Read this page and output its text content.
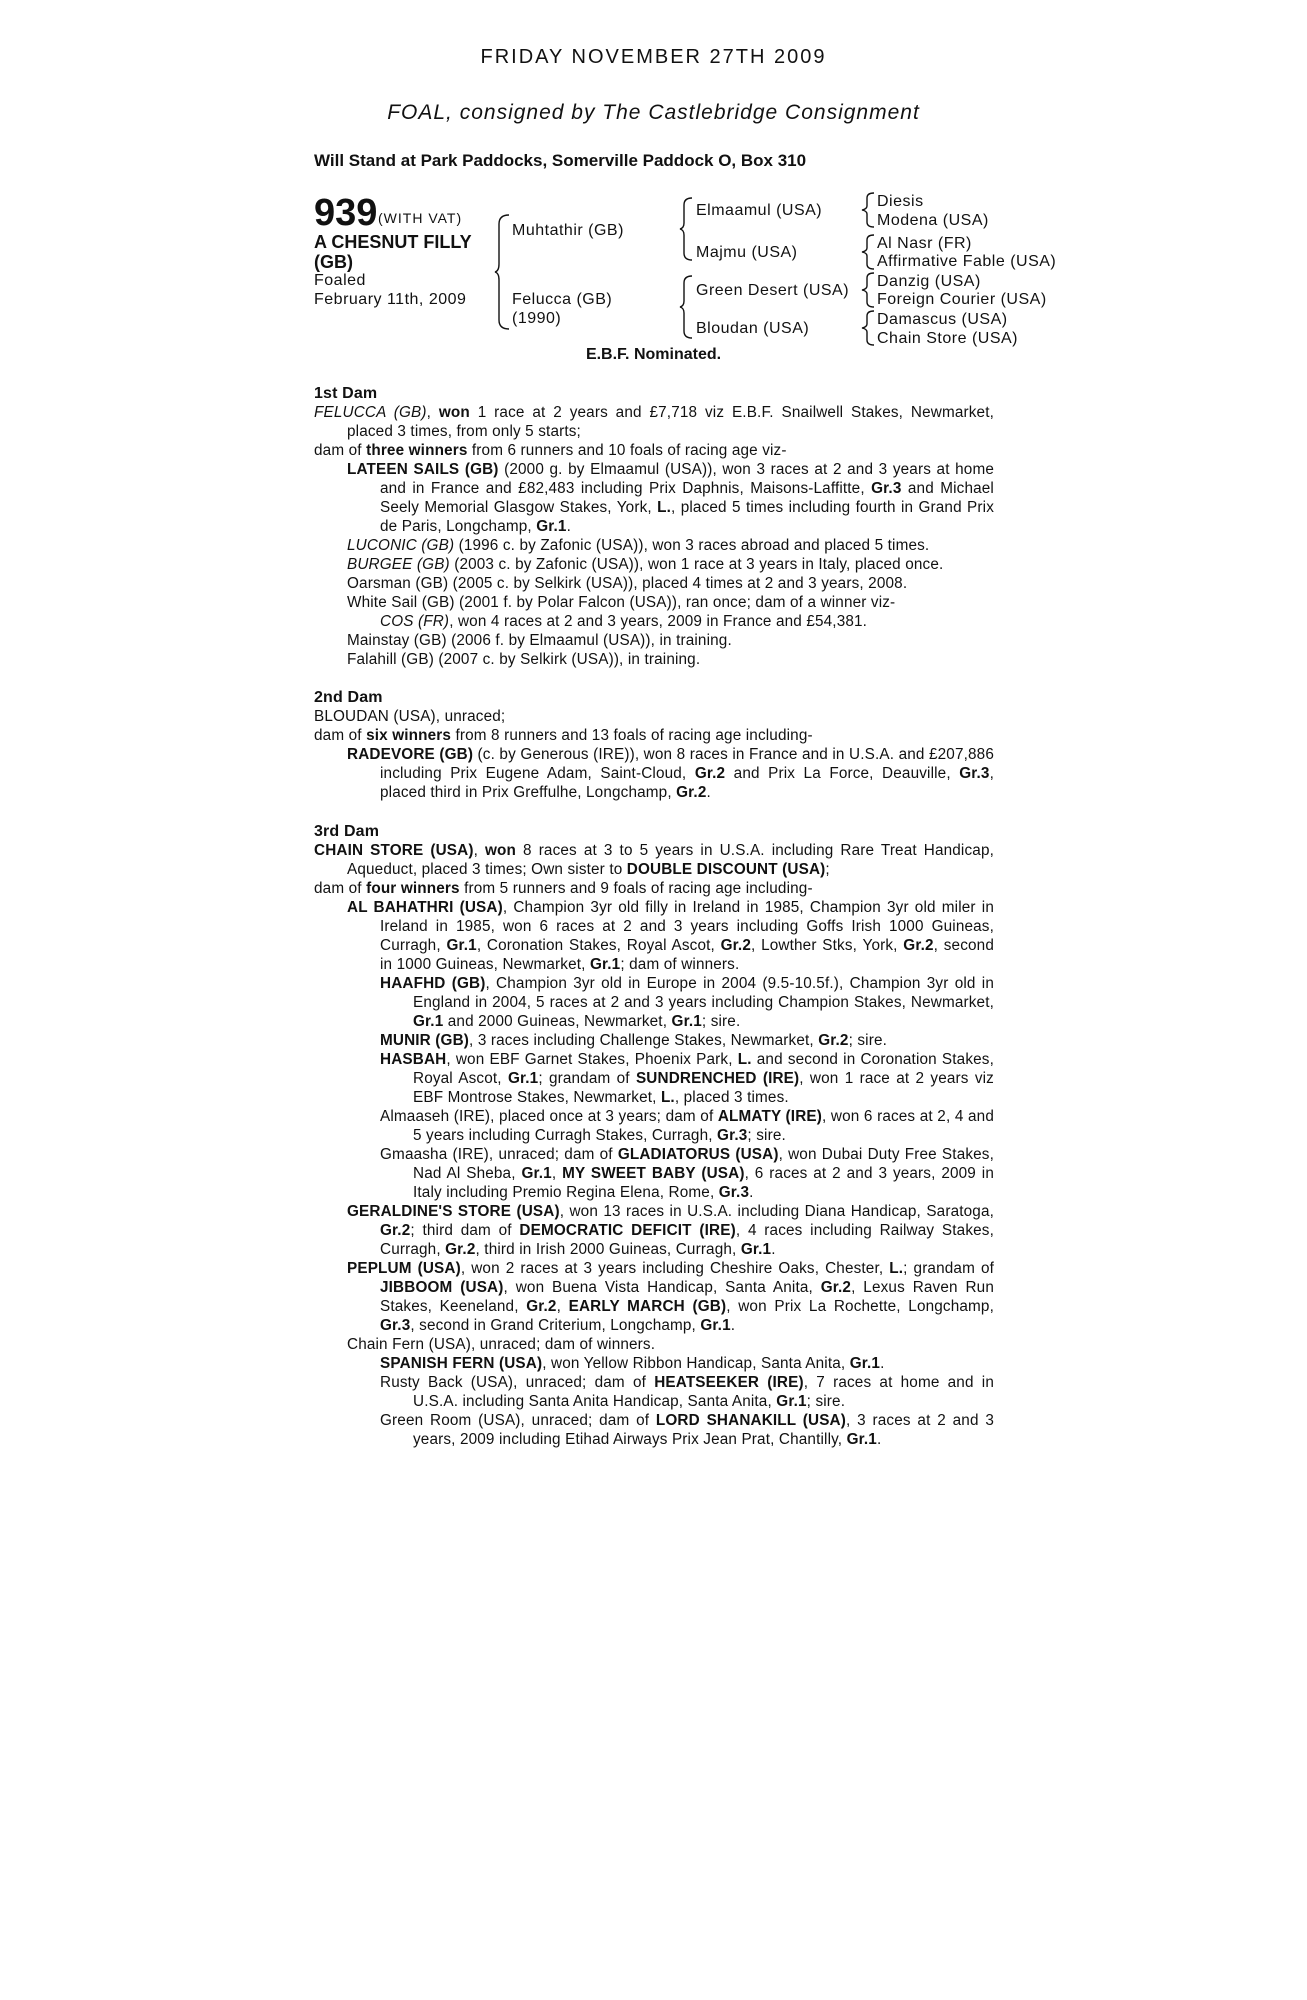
FRIDAY NOVEMBER 27TH 2009
FOAL, consigned by The Castlebridge Consignment
Will Stand at Park Paddocks, Somerville Paddock O, Box 310
939 (WITH VAT)
A CHESNUT FILLY (GB)
Foaled
February 11th, 2009
Muhtathir (GB)
Felucca (GB)
(1990)
Elmaamul (USA)
Majmu (USA)
Green Desert (USA)
Bloudan (USA)
Diesis
Modena (USA)
Al Nasr (FR)
Affirmative Fable (USA)
Danzig (USA)
Foreign Courier (USA)
Damascus (USA)
Chain Store (USA)
E.B.F. Nominated.

1st Dam

FELUCCA (GB), won 1 race at 2 years and £7,718 viz E.B.F. Snailwell Stakes, Newmarket, placed 3 times, from only 5 starts;

dam of three winners from 6 runners and 10 foals of racing age viz-

LATEEN SAILS (GB) (2000 g. by Elmaamul (USA)), won 3 races at 2 and 3 years at home and in France and £82,483 including Prix Daphnis, Maisons-Laffitte, Gr.3 and Michael Seely Memorial Glasgow Stakes, York, L., placed 5 times including fourth in Grand Prix de Paris, Longchamp, Gr.1.

LUCONIC (GB) (1996 c. by Zafonic (USA)), won 3 races abroad and placed 5 times.

BURGEE (GB) (2003 c. by Zafonic (USA)), won 1 race at 3 years in Italy, placed once.

Oarsman (GB) (2005 c. by Selkirk (USA)), placed 4 times at 2 and 3 years, 2008.

White Sail (GB) (2001 f. by Polar Falcon (USA)), ran once; dam of a winner viz-

COS (FR), won 4 races at 2 and 3 years, 2009 in France and £54,381.

Mainstay (GB) (2006 f. by Elmaamul (USA)), in training.

Falahill (GB) (2007 c. by Selkirk (USA)), in training.

2nd Dam

BLOUDAN (USA), unraced;

dam of six winners from 8 runners and 13 foals of racing age including-

RADEVORE (GB) (c. by Generous (IRE)), won 8 races in France and in U.S.A. and £207,886 including Prix Eugene Adam, Saint-Cloud, Gr.2 and Prix La Force, Deauville, Gr.3, placed third in Prix Greffulhe, Longchamp, Gr.2.

3rd Dam

CHAIN STORE (USA), won 8 races at 3 to 5 years in U.S.A. including Rare Treat Handicap, Aqueduct, placed 3 times; Own sister to DOUBLE DISCOUNT (USA);

dam of four winners from 5 runners and 9 foals of racing age including-

AL BAHATHRI (USA), Champion 3yr old filly in Ireland in 1985, Champion 3yr old miler in Ireland in 1985, won 6 races at 2 and 3 years including Goffs Irish 1000 Guineas, Curragh, Gr.1, Coronation Stakes, Royal Ascot, Gr.2, Lowther Stks, York, Gr.2, second in 1000 Guineas, Newmarket, Gr.1; dam of winners.

HAAFHD (GB), Champion 3yr old in Europe in 2004 (9.5-10.5f.), Champion 3yr old in England in 2004, 5 races at 2 and 3 years including Champion Stakes, Newmarket, Gr.1 and 2000 Guineas, Newmarket, Gr.1; sire.

MUNIR (GB), 3 races including Challenge Stakes, Newmarket, Gr.2; sire.

HASBAH, won EBF Garnet Stakes, Phoenix Park, L. and second in Coronation Stakes, Royal Ascot, Gr.1; grandam of SUNDRENCHED (IRE), won 1 race at 2 years viz EBF Montrose Stakes, Newmarket, L., placed 3 times.

Almaaseh (IRE), placed once at 3 years; dam of ALMATY (IRE), won 6 races at 2, 4 and 5 years including Curragh Stakes, Curragh, Gr.3; sire.

Gmaasha (IRE), unraced; dam of GLADIATORUS (USA), won Dubai Duty Free Stakes, Nad Al Sheba, Gr.1, MY SWEET BABY (USA), 6 races at 2 and 3 years, 2009 in Italy including Premio Regina Elena, Rome, Gr.3.

GERALDINE'S STORE (USA), won 13 races in U.S.A. including Diana Handicap, Saratoga, Gr.2; third dam of DEMOCRATIC DEFICIT (IRE), 4 races including Railway Stakes, Curragh, Gr.2, third in Irish 2000 Guineas, Curragh, Gr.1.

PEPLUM (USA), won 2 races at 3 years including Cheshire Oaks, Chester, L.; grandam of JIBBOOM (USA), won Buena Vista Handicap, Santa Anita, Gr.2, Lexus Raven Run Stakes, Keeneland, Gr.2, EARLY MARCH (GB), won Prix La Rochette, Longchamp, Gr.3, second in Grand Criterium, Longchamp, Gr.1.

Chain Fern (USA), unraced; dam of winners.

SPANISH FERN (USA), won Yellow Ribbon Handicap, Santa Anita, Gr.1.

Rusty Back (USA), unraced; dam of HEATSEEKER (IRE), 7 races at home and in U.S.A. including Santa Anita Handicap, Santa Anita, Gr.1; sire.

Green Room (USA), unraced; dam of LORD SHANAKILL (USA), 3 races at 2 and 3 years, 2009 including Etihad Airways Prix Jean Prat, Chantilly, Gr.1.
